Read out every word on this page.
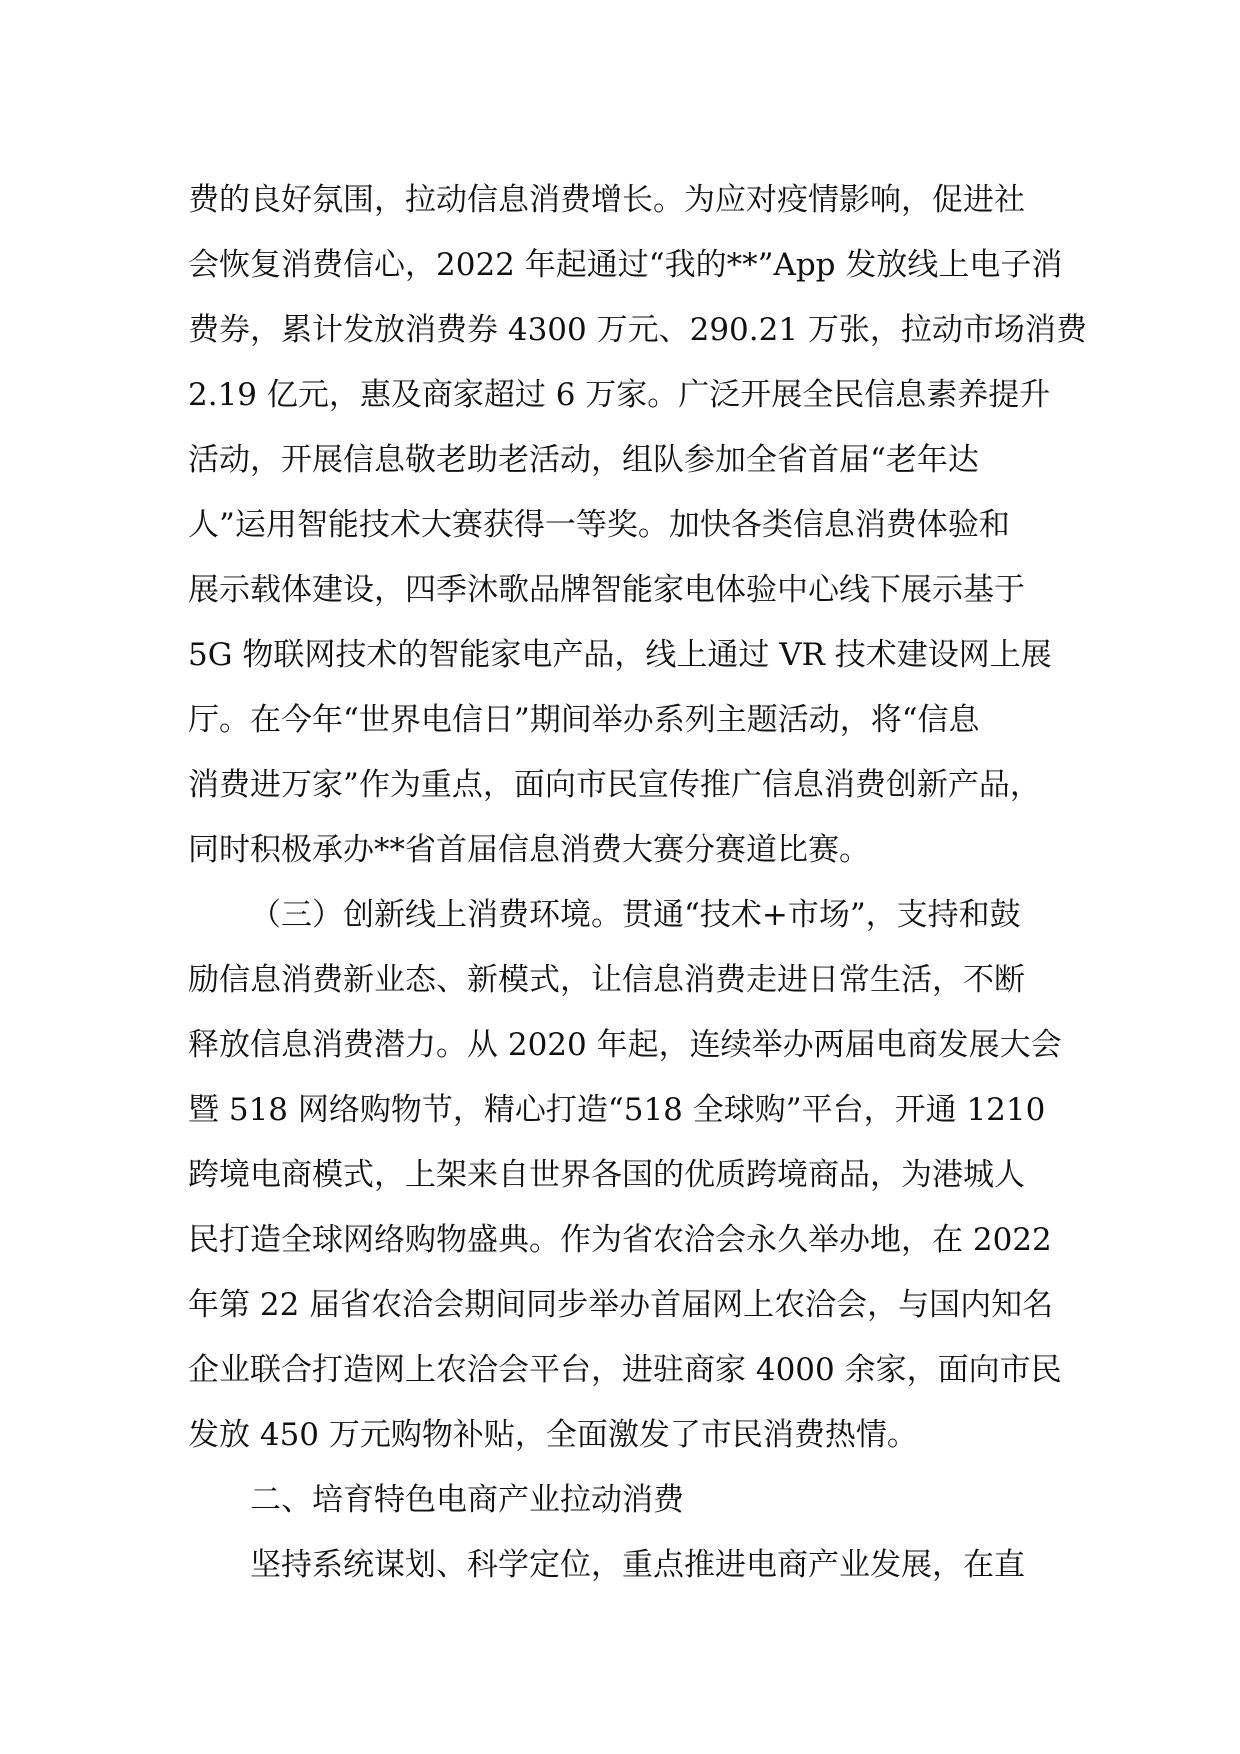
费的良好氛围，拉动信息消费增长。为应对疫情影响，促进社
会恢复消费信心，2022 年起通过“我的**”App 发放线上电子消
费券，累计发放消费券 4300 万元、290.21 万张，拉动市场消费
2.19 亿元，惠及商家超过 6 万家。广泛开展全民信息素养提升
活动，开展信息敬老助老活动，组队参加全省首届“老年达
人”运用智能技术大赛获得一等奖。加快各类信息消费体验和
展示载体建设，四季沐歌品牌智能家电体验中心线下展示基于
5G 物联网技术的智能家电产品，线上通过 VR 技术建设网上展
厅。在今年“世界电信日”期间举办系列主题活动，将“信息
消费进万家”作为重点，面向市民宣传推广信息消费创新产品，
同时积极承办**省首届信息消费大赛分赛道比赛。
（三）创新线上消费环境。贯通“技术+市场”，支持和鼓
励信息消费新业态、新模式，让信息消费走进日常生活，不断
释放信息消费潜力。从 2020 年起，连续举办两届电商发展大会
暨 518 网络购物节，精心打造“518 全球购”平台，开通 1210
跨境电商模式，上架来自世界各国的优质跨境商品，为港城人
民打造全球网络购物盛典。作为省农洽会永久举办地，在 2022
年第 22 届省农洽会期间同步举办首届网上农洽会，与国内知名
企业联合打造网上农洽会平台，进驻商家 4000 余家，面向市民
发放 450 万元购物补贴，全面激发了市民消费热情。
二、培育特色电商产业拉动消费
坚持系统谋划、科学定位，重点推进电商产业发展，在直
